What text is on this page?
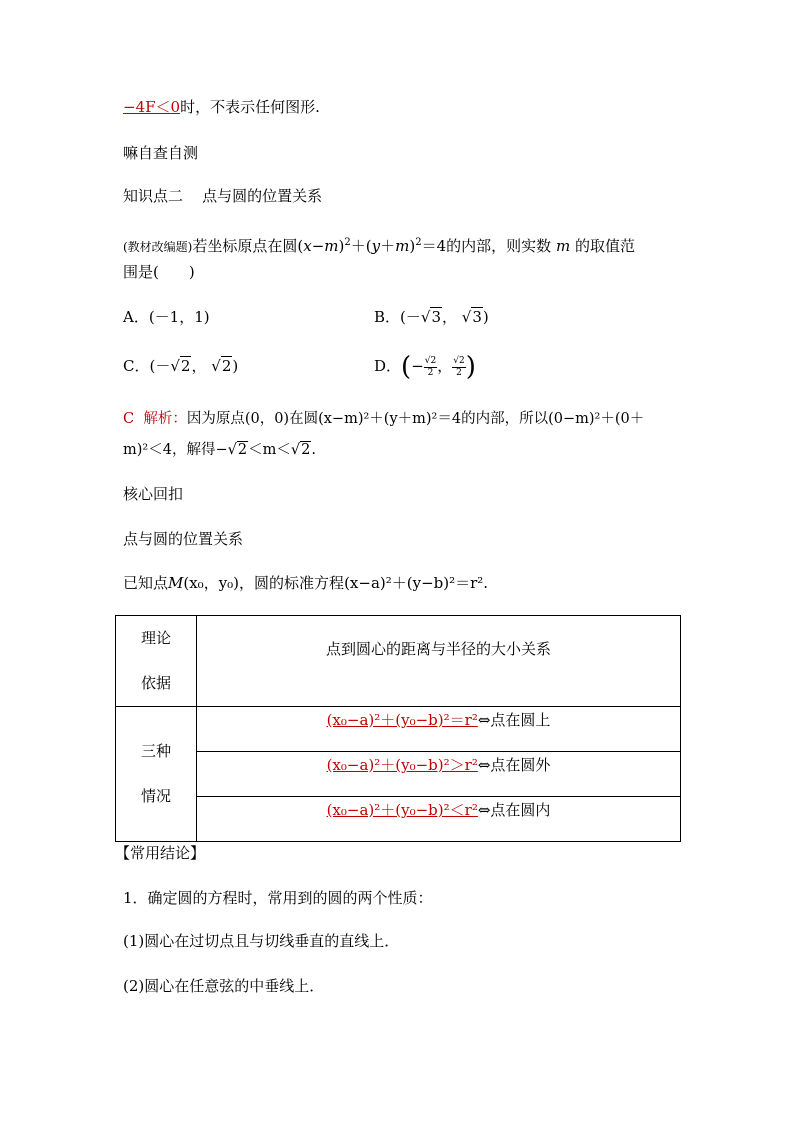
−4F＜0时，不表示任何图形.
嘛自查自测
知识点二 点与圆的位置关系
(教材改编题)若坐标原点在圆$(x-m)^2+(y+m)^2=4$的内部，则实数 m 的取值范
围是(　　)
A．(－1，1)	B．(－√3， √3)
C．(－√2， √2)	D．(− $\frac{√2}{2}$ ， $\frac{√2}{2}$ )
C 解析：因为原点(0，0)在圆(x−m)²＋(y＋m)²＝4的内部，所以(0−m)²＋(0＋
m)²＜4，解得−√2＜m＜√2.
核心回扣
点与圆的位置关系
已知点M(x₀，y₀)，圆的标准方程(x−a)²＋(y−b)²＝r².
理论
依据	点到圆心的距离与半径的大小关系
三种
情况	(x₀−a)²＋(y₀−b)²＝r²⇔点在圆上
	(x₀−a)²＋(y₀−b)²＞r²⇔点在圆外
	(x₀−a)²＋(y₀−b)²＜r²⇔点在圆内
【常用结论】
1．确定圆的方程时，常用到的圆的两个性质：
(1)圆心在过切点且与切线垂直的直线上．
(2)圆心在任意弦的中垂线上．
